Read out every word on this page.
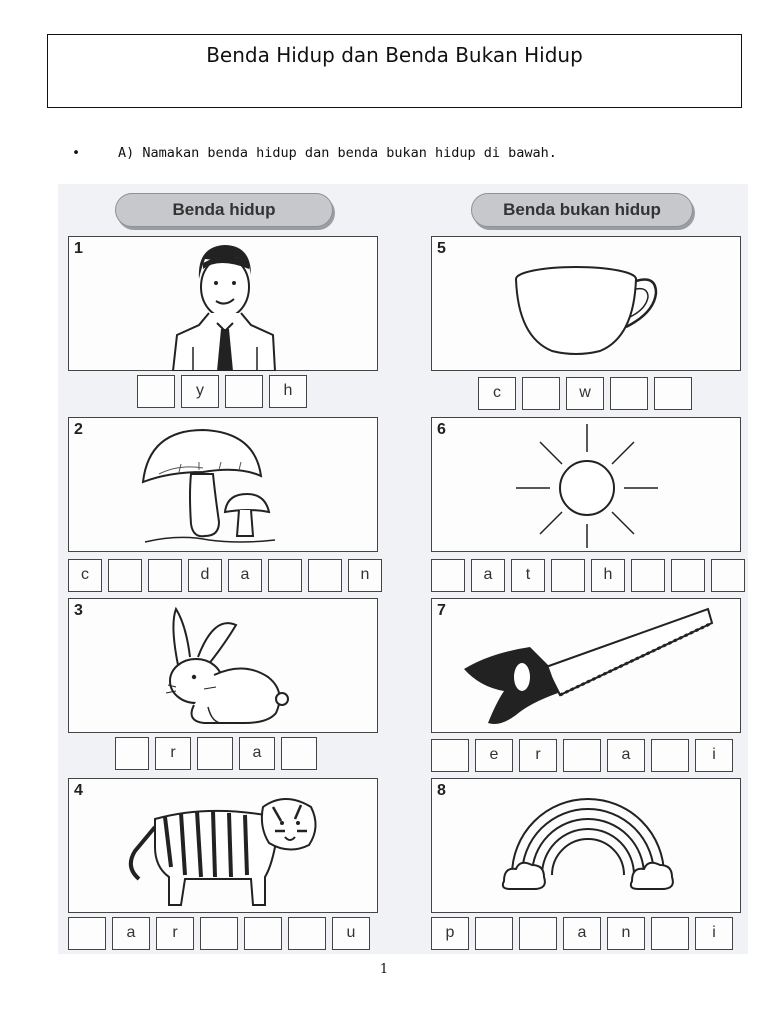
Benda Hidup dan Benda Bukan Hidup
•	A) Namakan benda hidup dan benda bukan hidup di bawah.
Benda hidup	Benda bukan hidup
1
y	h
2
c	d	a	n
3
r	a
4
a	r	u
5
c	w
6
a	t	h
7
e	r	a	i
8
p	a	n	i
1
